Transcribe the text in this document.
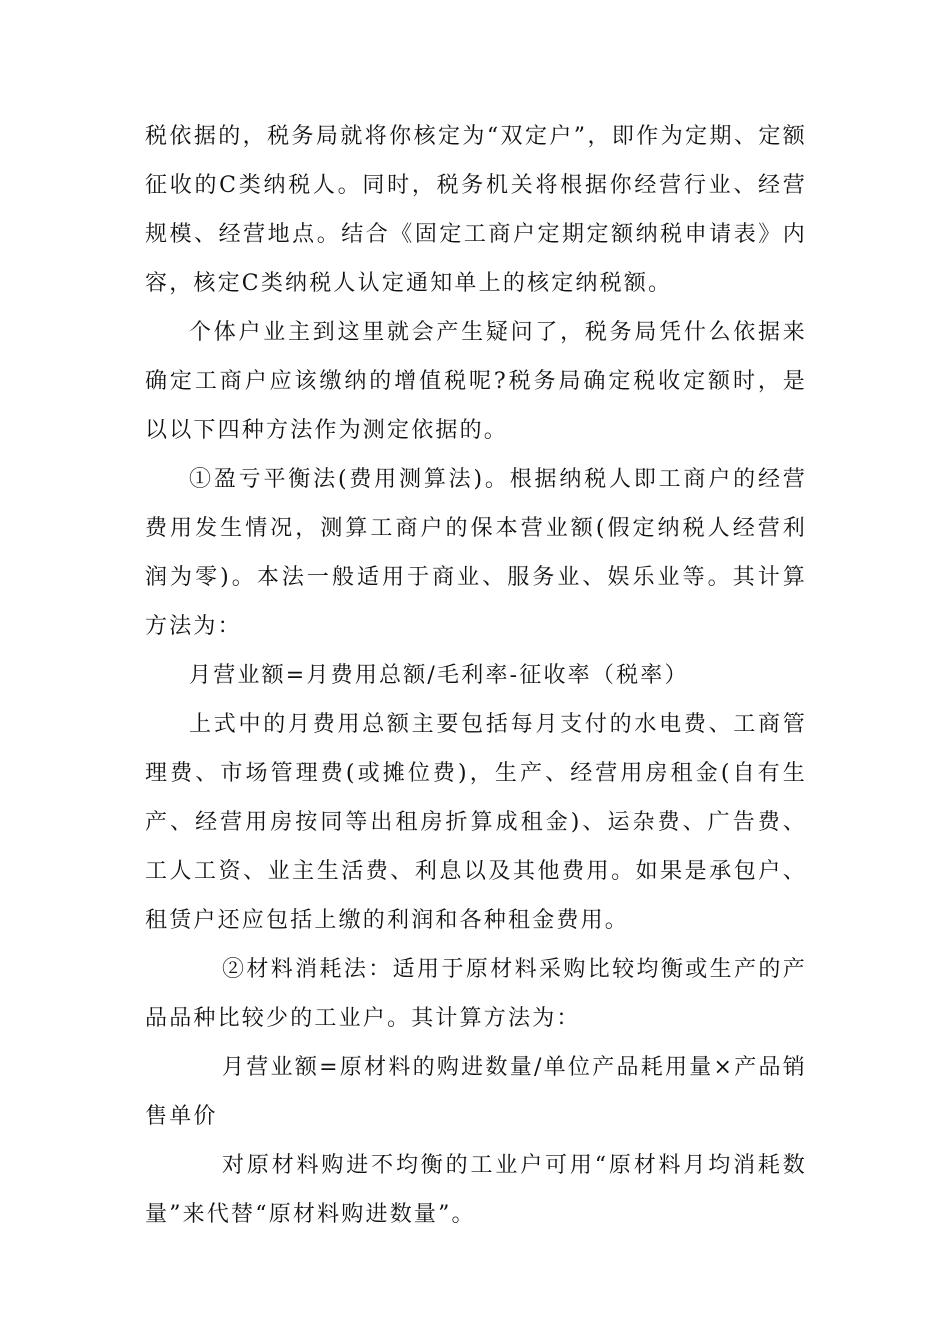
税依据的，税务局就将你核定为“双定户”，即作为定期、定额征收的C类纳税人。同时，税务机关将根据你经营行业、经营规模、经营地点。结合《固定工商户定期定额纳税申请表》内容，核定C类纳税人认定通知单上的核定纳税额。

个体户业主到这里就会产生疑问了，税务局凭什么依据来确定工商户应该缴纳的增值税呢?税务局确定税收定额时，是以以下四种方法作为测定依据的。

①盈亏平衡法(费用测算法)。根据纳税人即工商户的经营费用发生情况，测算工商户的保本营业额(假定纳税人经营利润为零)。本法一般适用于商业、服务业、娱乐业等。其计算方法为：

月营业额=月费用总额/毛利率-征收率（税率）

上式中的月费用总额主要包括每月支付的水电费、工商管理费、市场管理费(或摊位费)，生产、经营用房租金(自有生产、经营用房按同等出租房折算成租金)、运杂费、广告费、工人工资、业主生活费、利息以及其他费用。如果是承包户、租赁户还应包括上缴的利润和各种租金费用。

②材料消耗法：适用于原材料采购比较均衡或生产的产品品种比较少的工业户。其计算方法为：

月营业额=原材料的购进数量/单位产品耗用量×产品销售单价

对原材料购进不均衡的工业户可用“原材料月均消耗数量”来代替“原材料购进数量”。
